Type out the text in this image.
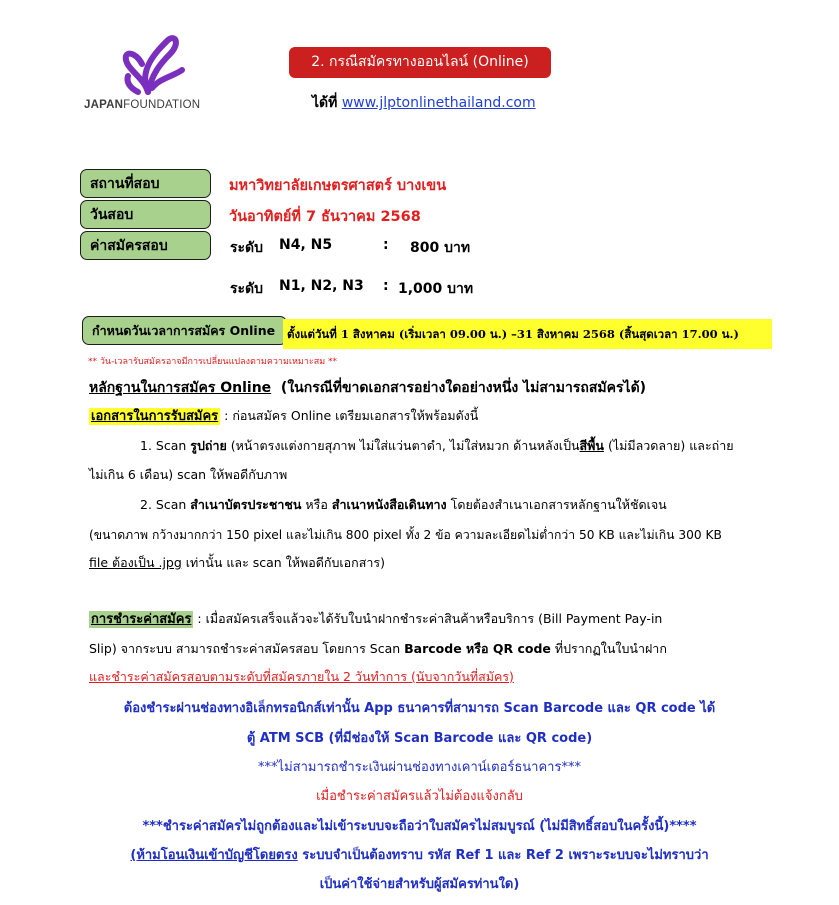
JAPANFOUNDATION
2. กรณีสมัครทางออนไลน์ (Online)
ได้ที่ www.jlptonlinethailand.com
สถานที่สอบ	มหาวิทยาลัยเกษตรศาสตร์ บางเขน
วันสอบ	วันอาทิตย์ที่ 7 ธันวาคม 2568
ค่าสมัครสอบ	ระดับ N4, N5	: 800 บาท
ระดับ N1, N2, N3 : 1,000 บาท
กำหนดวันเวลาการสมัคร Online	ตั้งแต่วันที่ 1 สิงหาคม (เริ่มเวลา 09.00 น.) –31 สิงหาคม 2568 (สิ้นสุดเวลา 17.00 น.)
** วัน-เวลารับสมัครอาจมีการเปลี่ยนแปลงตามความเหมาะสม **
หลักฐานในการสมัคร Online (ในกรณีที่ขาดเอกสารอย่างใดอย่างหนึ่ง ไม่สามารถสมัครได้)
เอกสารในการรับสมัคร : ก่อนสมัคร Online เตรียมเอกสารให้พร้อมดังนี้
1. Scan รูปถ่าย (หน้าตรงแต่งกายสุภาพ ไม่ใส่แว่นตาดำ, ไม่ใส่หมวก ด้านหลังเป็นสีพื้น (ไม่มีลวดลาย) และถ่าย
ไม่เกิน 6 เดือน) scan ให้พอดีกับภาพ
2. Scan สำเนาบัตรประชาชน หรือ สำเนาหนังสือเดินทาง โดยต้องสำเนาเอกสารหลักฐานให้ชัดเจน
(ขนาดภาพ กว้างมากกว่า 150 pixel และไม่เกิน 800 pixel ทั้ง 2 ข้อ ความละเอียดไม่ต่ำกว่า 50 KB และไม่เกิน 300 KB
file ต้องเป็น .jpg เท่านั้น และ scan ให้พอดีกับเอกสาร)
การชำระค่าสมัคร : เมื่อสมัครเสร็จแล้วจะได้รับใบนำฝากชำระค่าสินค้าหรือบริการ (Bill Payment Pay-in
Slip) จากระบบ สามารถชำระค่าสมัครสอบ โดยการ Scan Barcode หรือ QR code ที่ปรากฏในใบนำฝาก
และชำระค่าสมัครสอบตามระดับที่สมัครภายใน 2 วันทำการ (นับจากวันที่สมัคร)
ต้องชำระผ่านช่องทางอิเล็กทรอนิกส์เท่านั้น App ธนาคารที่สามารถ Scan Barcode และ QR code ได้
ตู้ ATM SCB (ที่มีช่องให้ Scan Barcode และ QR code)
***ไม่สามารถชำระเงินผ่านช่องทางเคาน์เตอร์ธนาคาร***
เมื่อชำระค่าสมัครแล้วไม่ต้องแจ้งกลับ
***ชำระค่าสมัครไม่ถูกต้องและไม่เข้าระบบจะถือว่าใบสมัครไม่สมบูรณ์ (ไม่มีสิทธิ์สอบในครั้งนี้)****
(ห้ามโอนเงินเข้าบัญชีโดยตรง ระบบจำเป็นต้องทราบ รหัส Ref 1 และ Ref 2 เพราะระบบจะไม่ทราบว่า
เป็นค่าใช้จ่ายสำหรับผู้สมัครท่านใด)
